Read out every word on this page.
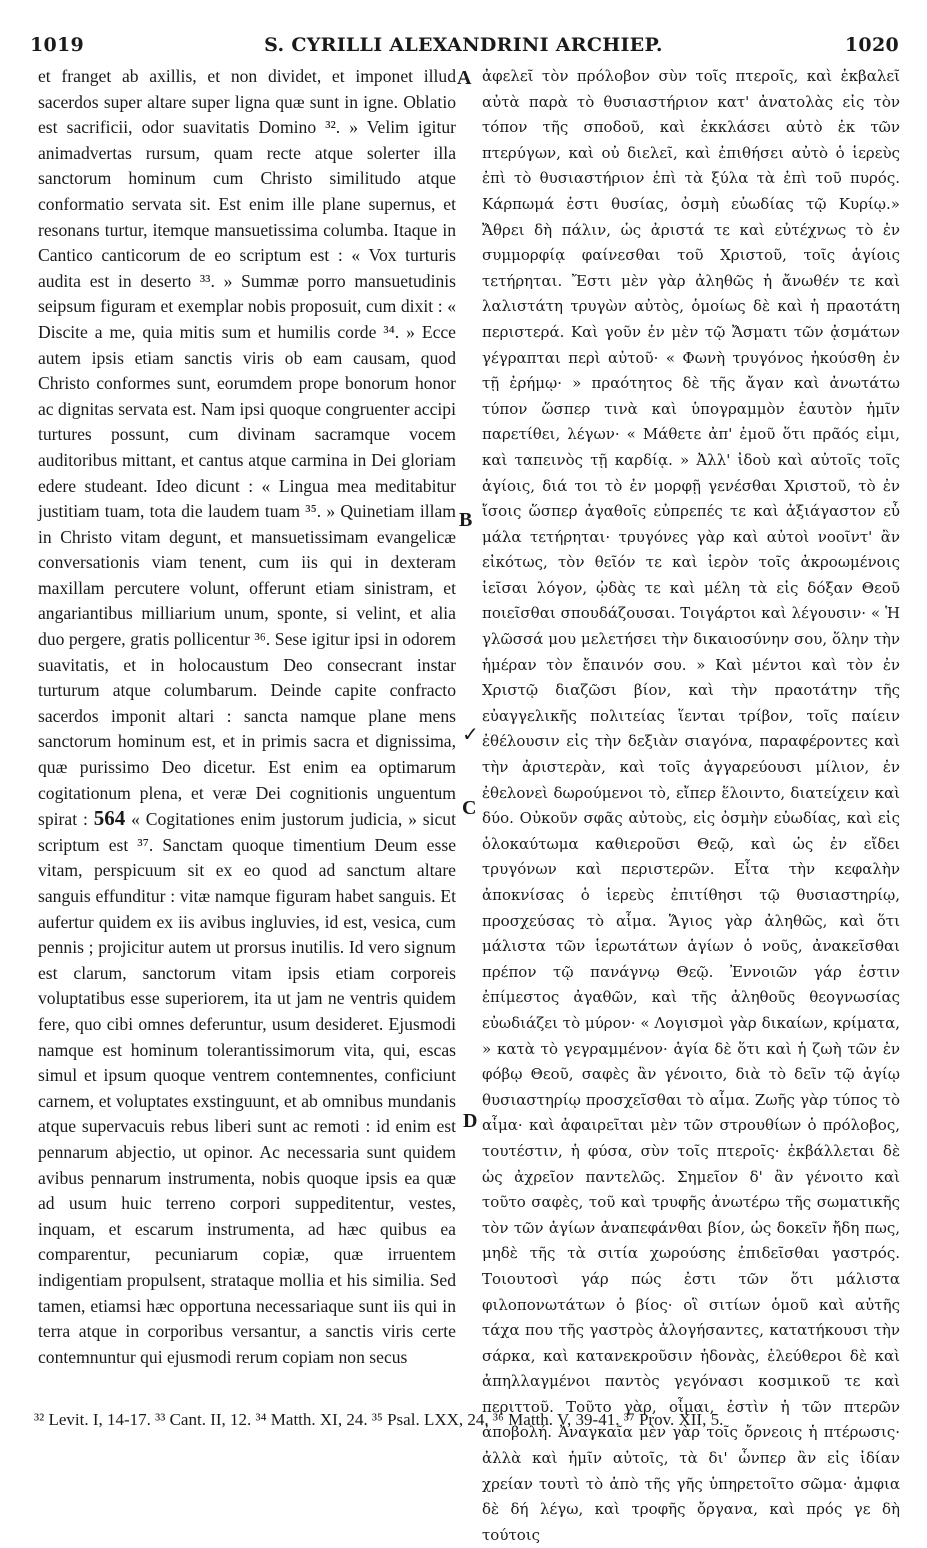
1019	S. CYRILLI ALEXANDRINI ARCHIEP.	1020

et franget ab axillis, et non dividet, et imponet illud sacerdos super altare super ligna quæ sunt in igne. Oblatio est sacrificii, odor suavitatis Domino ³². » Velim igitur animadvertas rursum, quam recte atque solerter illa sanctorum hominum cum Christo similitudo atque conformatio servata sit. Est enim ille plane supernus, et resonans turtur, itemque mansuetissima columba. Itaque in Cantico canticorum de eo scriptum est : « Vox turturis audita est in deserto ³³. » Summæ porro mansuetudinis seipsum figuram et exemplar nobis proposuit, cum dixit : « Discite a me, quia mitis sum et humilis corde ³⁴. » Ecce autem ipsis etiam sanctis viris ob eam causam, quod Christo conformes sunt, eorumdem prope bonorum honor ac dignitas servata est. Nam ipsi quoque congruenter accipi turtures possunt, cum divinam sacramque vocem auditoribus mittant, et cantus atque carmina in Dei gloriam edere studeant. Ideo dicunt : « Lingua mea meditabitur justitiam tuam, tota die laudem tuam ³⁵. » Quinetiam illam in Christo vitam degunt, et mansuetissimam evangelicæ conversationis viam tenent, cum iis qui in dexteram maxillam percutere volunt, offerunt etiam sinistram, et angariantibus milliarium unum, sponte, si velint, et alia duo pergere, gratis pollicentur ³⁶. Sese igitur ipsi in odorem suavitatis, et in holocaustum Deo consecrant instar turturum atque columbarum. Deinde capite confracto sacerdos imponit altari : sancta namque plane mens sanctorum hominum est, et in primis sacra et dignissima, quæ purissimo Deo dicetur. Est enim ea optimarum cogitationum plena, et veræ Dei cognitionis unguentum spirat : 564 « Cogitationes enim justorum judicia, » sicut scriptum est ³⁷. Sanctam quoque timentium Deum esse vitam, perspicuum sit ex eo quod ad sanctum altare sanguis effunditur : vitæ namque figuram habet sanguis. Et aufertur quidem ex iis avibus ingluvies, id est, vesica, cum pennis ; projicitur autem ut prorsus inutilis. Id vero signum est clarum, sanctorum vitam ipsis etiam corporeis voluptatibus esse superiorem, ita ut jam ne ventris quidem fere, quo cibi omnes deferuntur, usum desideret. Ejusmodi namque est hominum tolerantissimorum vita, qui, escas simul et ipsum quoque ventrem contemnentes, conficiunt carnem, et voluptates exstinguunt, et ab omnibus mundanis atque supervacuis rebus liberi sunt ac remoti : id enim est pennarum abjectio, ut opinor. Ac necessaria sunt quidem avibus pennarum instrumenta, nobis quoque ipsis ea quæ ad usum huic terreno corpori suppeditentur, vestes, inquam, et escarum instrumenta, ad hæc quibus ea comparentur, pecuniarum copiæ, quæ irruentem indigentiam propulsent, strataque mollia et his similia. Sed tamen, etiamsi hæc opportuna necessariaque sunt iis qui in terra atque in corporibus versantur, a sanctis viris certe contemnuntur qui ejusmodi rerum copiam non secus

A
B
C
D
✓

ἀφελεῖ τὸν πρόλοβον σὺν τοῖς πτεροῖς, καὶ ἐκβαλεῖ αὐτὰ παρὰ τὸ θυσιαστήριον κατ' ἀνατολὰς εἰς τὸν τόπον τῆς σποδοῦ, καὶ ἐκκλάσει αὐτὸ ἐκ τῶν πτερύγων, καὶ οὐ διελεῖ, καὶ ἐπιθήσει αὐτὸ ὁ ἱερεὺς ἐπὶ τὸ θυσιαστήριον ἐπὶ τὰ ξύλα τὰ ἐπὶ τοῦ πυρός. Κάρπωμά ἐστι θυσίας, ὀσμὴ εὐωδίας τῷ Κυρίῳ.» Ἄθρει δὴ πάλιν, ὡς ἀριστά τε καὶ εὐτέχνως τὸ ἐν συμμορφίᾳ φαίνεσθαι τοῦ Χριστοῦ, τοῖς ἁγίοις τετήρηται. Ἔστι μὲν γὰρ ἀληθῶς ἡ ἄνωθέν τε καὶ λαλιστάτη τρυγὼν αὐτὸς, ὁμοίως δὲ καὶ ἡ πραοτάτη περιστερά. Καὶ γοῦν ἐν μὲν τῷ Ἄσματι τῶν ᾀσμάτων γέγραπται περὶ αὐτοῦ· « Φωνὴ τρυγόνος ἠκούσθη ἐν τῇ ἐρήμῳ· » πραότητος δὲ τῆς ἄγαν καὶ ἀνωτάτω τύπον ὥσπερ τινὰ καὶ ὑπογραμμὸν ἑαυτὸν ἡμῖν παρετίθει, λέγων· « Μάθετε ἀπ' ἐμοῦ ὅτι πρᾶός εἰμι, καὶ ταπεινὸς τῇ καρδίᾳ. » Ἀλλ' ἰδοὺ καὶ αὐτοῖς τοῖς ἁγίοις, διά τοι τὸ ἐν μορφῇ γενέσθαι Χριστοῦ, τὸ ἐν ἴσοις ὥσπερ ἀγαθοῖς εὐπρεπές τε καὶ ἀξιάγαστον εὖ μάλα τετήρηται· τρυγόνες γὰρ καὶ αὐτοὶ νοοῖντ' ἂν εἰκότως, τὸν θεῖόν τε καὶ ἱερὸν τοῖς ἀκροωμένοις ἱεῖσαι λόγον, ᾠδὰς τε καὶ μέλη τὰ εἰς δόξαν Θεοῦ ποιεῖσθαι σπουδάζουσαι. Τοιγάρτοι καὶ λέγουσιν· « Ἡ γλῶσσά μου μελετήσει τὴν δικαιοσύνην σου, ὅλην τὴν ἡμέραν τὸν ἔπαινόν σου. » Καὶ μέντοι καὶ τὸν ἐν Χριστῷ διαζῶσι βίον, καὶ τὴν πραοτάτην τῆς εὐαγγελικῆς πολιτείας ἵενται τρίβον, τοῖς παίειν ἐθέλουσιν εἰς τὴν δεξιὰν σιαγόνα, παραφέροντες καὶ τὴν ἀριστερὰν, καὶ τοῖς ἀγγαρεύουσι μίλιον, ἐν ἐθελονεὶ δωρούμενοι τὸ, εἴπερ ἕλοιντο, διατείχειν καὶ δύο. Οὐκοῦν σφᾶς αὐτοὺς, εἰς ὀσμὴν εὐωδίας, καὶ εἰς ὁλοκαύτωμα καθιεροῦσι Θεῷ, καὶ ὡς ἐν εἴδει τρυγόνων καὶ περιστερῶν. Εἶτα τὴν κεφαλὴν ἀποκνίσας ὁ ἱερεὺς ἐπιτίθησι τῷ θυσιαστηρίῳ, προσχεύσας τὸ αἷμα. Ἅγιος γὰρ ἀληθῶς, καὶ ὅτι μάλιστα τῶν ἱερωτάτων ἁγίων ὁ νοῦς, ἀνακεῖσθαι πρέπον τῷ πανάγνῳ Θεῷ. Ἐννοιῶν γάρ ἐστιν ἐπίμεστος ἀγαθῶν, καὶ τῆς ἀληθοῦς θεογνωσίας εὐωδιάζει τὸ μύρον· « Λογισμοὶ γὰρ δικαίων, κρίματα, » κατὰ τὸ γεγραμμένον· ἁγία δὲ ὅτι καὶ ἡ ζωὴ τῶν ἐν φόβῳ Θεοῦ, σαφὲς ἂν γένοιτο, διὰ τὸ δεῖν τῷ ἁγίῳ θυσιαστηρίῳ προσχεῖσθαι τὸ αἷμα. Ζωῆς γὰρ τύπος τὸ αἷμα· καὶ ἀφαιρεῖται μὲν τῶν στρουθίων ὁ πρόλοβος, τουτέστιν, ἡ φύσα, σὺν τοῖς πτεροῖς· ἐκβάλλεται δὲ ὡς ἀχρεῖον παντελῶς. Σημεῖον δ' ἂν γένοιτο καὶ τοῦτο σαφὲς, τοῦ καὶ τρυφῆς ἀνωτέρω τῆς σωματικῆς τὸν τῶν ἁγίων ἀναπεφάνθαι βίον, ὡς δοκεῖν ἤδη πως, μηδὲ τῆς τὰ σιτία χωρούσης ἐπιδεῖσθαι γαστρός. Τοιουτοσὶ γάρ πώς ἐστι τῶν ὅτι μάλιστα φιλοπονωτάτων ὁ βίος· οἳ σιτίων ὁμοῦ καὶ αὐτῆς τάχα που τῆς γαστρὸς ἀλογήσαντες, κατατήκουσι τὴν σάρκα, καὶ κατανεκροῦσιν ἡδονὰς, ἐλεύθεροι δὲ καὶ ἀπηλλαγμένοι παντὸς γεγόνασι κοσμικοῦ τε καὶ περιττοῦ. Τοῦτο γὰρ, οἶμαι, ἐστὶν ἡ τῶν πτερῶν ἀποβολή. Ἀναγκαῖα μὲν γὰρ τοῖς ὄρνεοις ἡ πτέρωσις· ἀλλὰ καὶ ἡμῖν αὐτοῖς, τὰ δι' ὧνπερ ἂν εἰς ἰδίαν χρείαν τουτὶ τὸ ἀπὸ τῆς γῆς ὑπηρετοῖτο σῶμα· ἀμφια δὲ δή λέγω, καὶ τροφῆς ὄργανα, καὶ πρός γε δὴ τούτοις

³² Levit. I, 14-17. ³³ Cant. II, 12. ³⁴ Matth. XI, 24. ³⁵ Psal. LXX, 24. ³⁶ Matth. V, 39-41. ³⁷ Prov. XII, 5.
